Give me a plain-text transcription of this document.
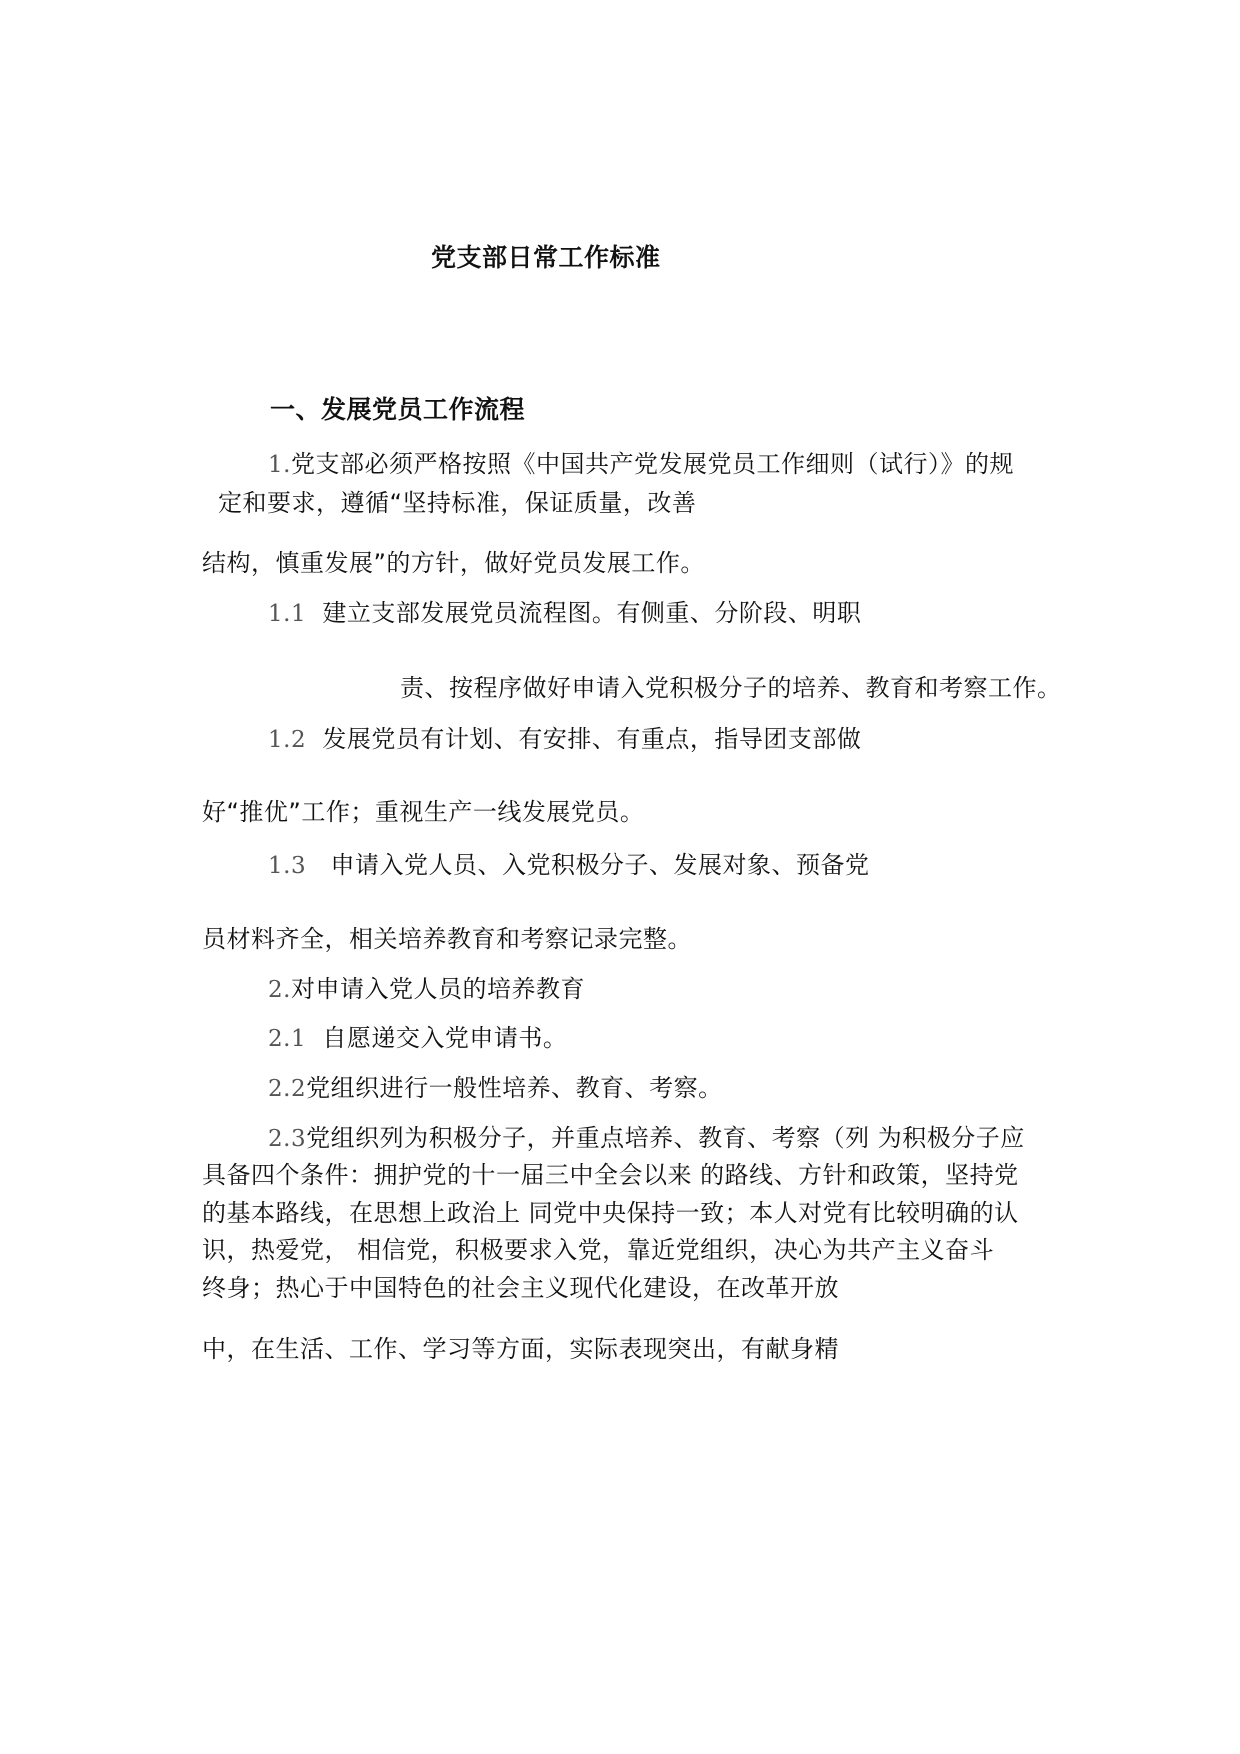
党支部日常工作标准
一、发展党员工作流程
1.党支部必须严格按照《中国共产党发展党员工作细则（试行）》的规
定和要求，遵循“坚持标准，保证质量，改善
结构，慎重发展”的方针，做好党员发展工作。
1.1 建立支部发展党员流程图。有侧重、分阶段、明职
责、按程序做好申请入党积极分子的培养、教育和考察工作。
1.2 发展党员有计划、有安排、有重点，指导团支部做
好“推优”工作；重视生产一线发展党员。
1.3 申请入党人员、入党积极分子、发展对象、预备党
员材料齐全，相关培养教育和考察记录完整。
2.对申请入党人员的培养教育
2.1 自愿递交入党申请书。
2.2党组织进行一般性培养、教育、考察。
2.3党组织列为积极分子，并重点培养、教育、考察（列 为积极分子应
具备四个条件：拥护党的十一届三中全会以来 的路线、方针和政策，坚持党
的基本路线，在思想上政治上 同党中央保持一致；本人对党有比较明确的认
识，热爱党， 相信党，积极要求入党，靠近党组织，决心为共产主义奋斗
终身；热心于中国特色的社会主义现代化建设，在改革开放
中，在生活、工作、学习等方面，实际表现突出，有献身精
